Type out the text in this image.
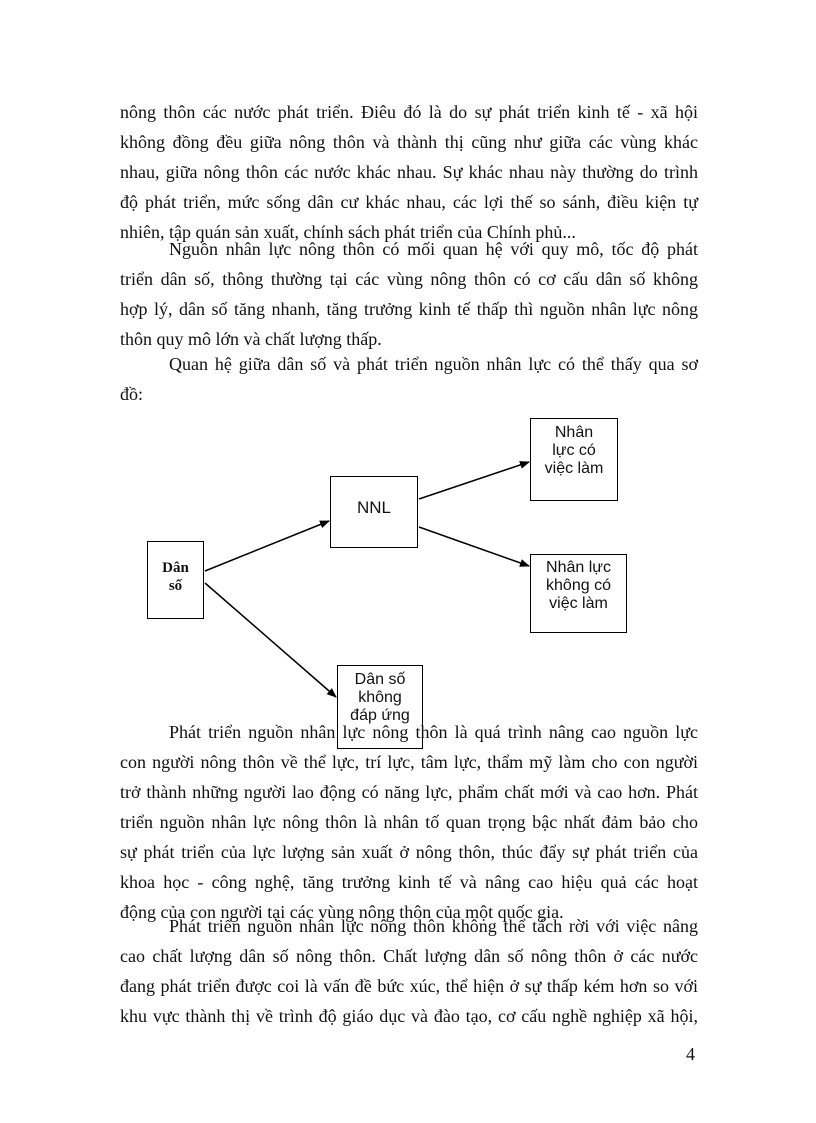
nông thôn các nước phát triển. Điêu đó là do sự phát triển kinh tế - xã hội
không đồng đều giữa nông thôn và thành thị cũng như giữa các vùng khác
nhau, giữa nông thôn các nước khác nhau. Sự khác nhau này thường do trình
độ phát triển, mức sống dân cư khác nhau, các lợi thế so sánh, điều kiện tự
nhiên, tập quán sản xuất, chính sách phát triển của Chính phủ...

Nguồn nhân lực nông thôn có mối quan hệ với quy mô, tốc độ phát
triển dân số, thông thường tại các vùng nông thôn có cơ cấu dân số không
hợp lý, dân số tăng nhanh, tăng trưởng kinh tế thấp thì nguồn nhân lực nông
thôn quy mô lớn và chất lượng thấp.

Quan hệ giữa dân số và phát triển nguồn nhân lực có thể thấy qua sơ
đồ:

Dân
số
NNL
Nhân
lực có
việc làm
Nhân lực
không có
việc làm
Dân số
không
đáp ứng

Phát triển nguồn nhân lực nông thôn là quá trình nâng cao nguồn lực
con người nông thôn về thể lực, trí lực, tâm lực, thẩm mỹ làm cho con người
trở thành những người lao động có năng lực, phẩm chất mới và cao hơn. Phát
triển nguồn nhân lực nông thôn là nhân tố quan trọng bậc nhất đảm bảo cho
sự phát triển của lực lượng sản xuất ở nông thôn, thúc đẩy sự phát triển của
khoa học - công nghệ, tăng trưởng kinh tế và nâng cao hiệu quả các hoạt
động của con người tại các vùng nông thôn của một quốc gia.

Phát triển nguồn nhân lực nông thôn không thể tách rời với việc nâng
cao chất lượng dân số nông thôn. Chất lượng dân số nông thôn ở các nước
đang phát triển được coi là vấn đề bức xúc, thể hiện ở sự thấp kém hơn so với
khu vực thành thị về trình độ giáo dục và đào tạo, cơ cấu nghề nghiệp xã hội,

4
